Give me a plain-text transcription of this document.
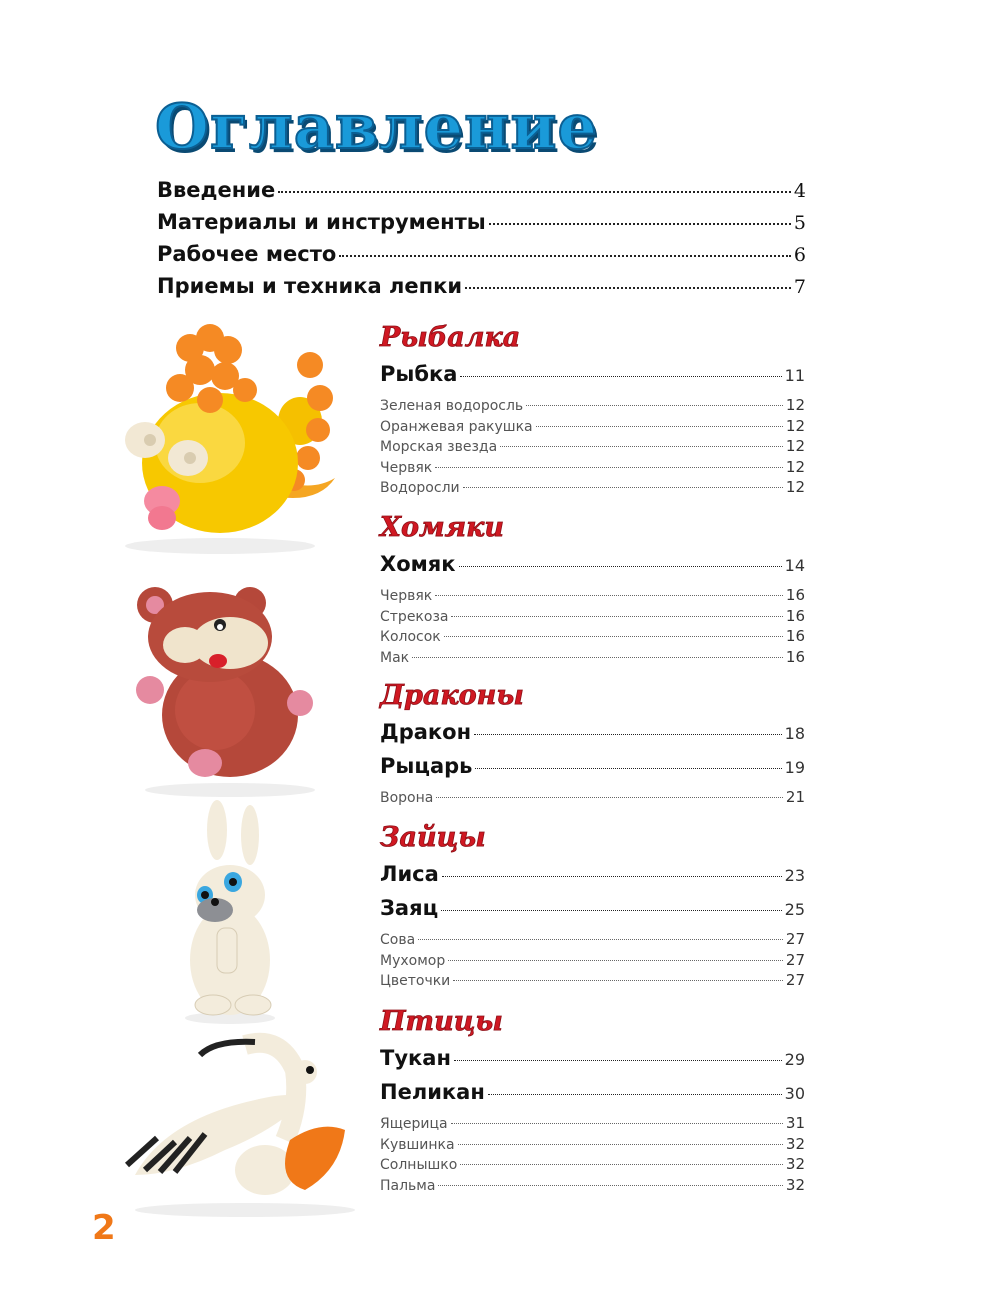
Оглавление
Введение	4
Материалы и инструменты	5
Рабочее место	6
Приемы и техника лепки	7
Рыбалка
Рыбка	11
Зеленая водоросль	12
Оранжевая ракушка	12
Морская звезда	12
Червяк	12
Водоросли	12
Хомяки
Хомяк	14
Червяк	16
Стрекоза	16
Колосок	16
Мак	16
Драконы
Дракон	18
Рыцарь	19
Ворона	21
Зайцы
Лиса	23
Заяц	25
Сова	27
Мухомор	27
Цветочки	27
Птицы
Тукан	29
Пеликан	30
Ящерица	31
Кувшинка	32
Солнышко	32
Пальма	32

2
